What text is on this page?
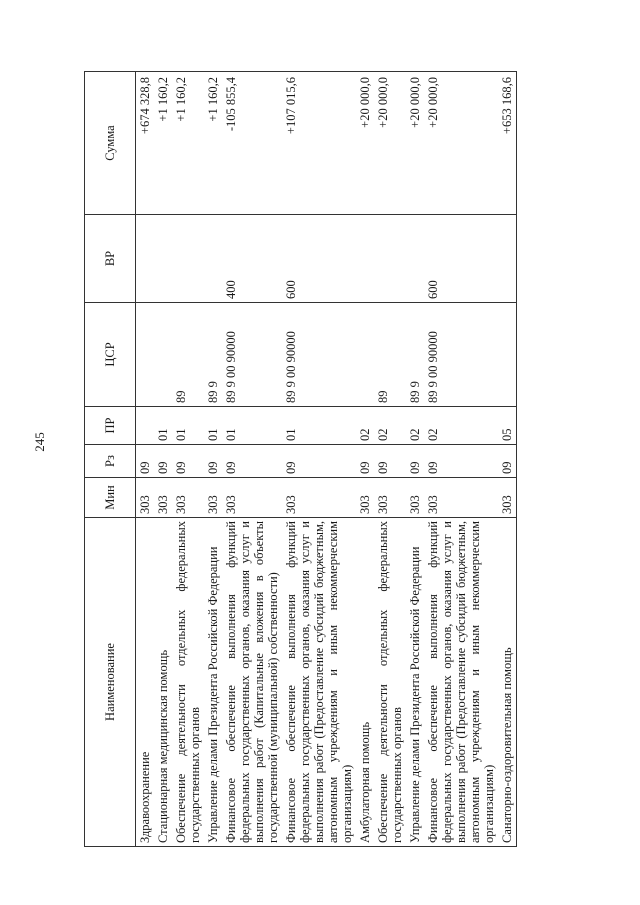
245
Наименование	Мин	Рз	ПР	ЦСР	ВР	Сумма
Здравоохранение	303	09				+674 328,8
Стационарная медицинская помощь	303	09	01			+1 160,2
Обеспечение деятельности отдельных федеральных государственных органов	303	09	01	89		+1 160,2
Управление делами Президента Российской Федерации	303	09	01	89 9		+1 160,2
Финансовое обеспечение выполнения функций федеральных государственных органов, оказания услуг и выполнения работ (Капитальные вложения в объекты государственной (муниципальной) собственности)	303	09	01	89 9 00 90000	400	-105 855,4
Финансовое обеспечение выполнения функций федеральных государственных органов, оказания услуг и выполнения работ (Предоставление субсидий бюджетным, автономным учреждениям и иным некоммерческим организациям)	303	09	01	89 9 00 90000	600	+107 015,6
Амбулаторная помощь	303	09	02			+20 000,0
Обеспечение деятельности отдельных федеральных государственных органов	303	09	02	89		+20 000,0
Управление делами Президента Российской Федерации	303	09	02	89 9		+20 000,0
Финансовое обеспечение выполнения функций федеральных государственных органов, оказания услуг и выполнения работ (Предоставление субсидий бюджетным, автономным учреждениям и иным некоммерческим организациям)	303	09	02	89 9 00 90000	600	+20 000,0
Санаторно-оздоровительная помощь	303	09	05			+653 168,6
